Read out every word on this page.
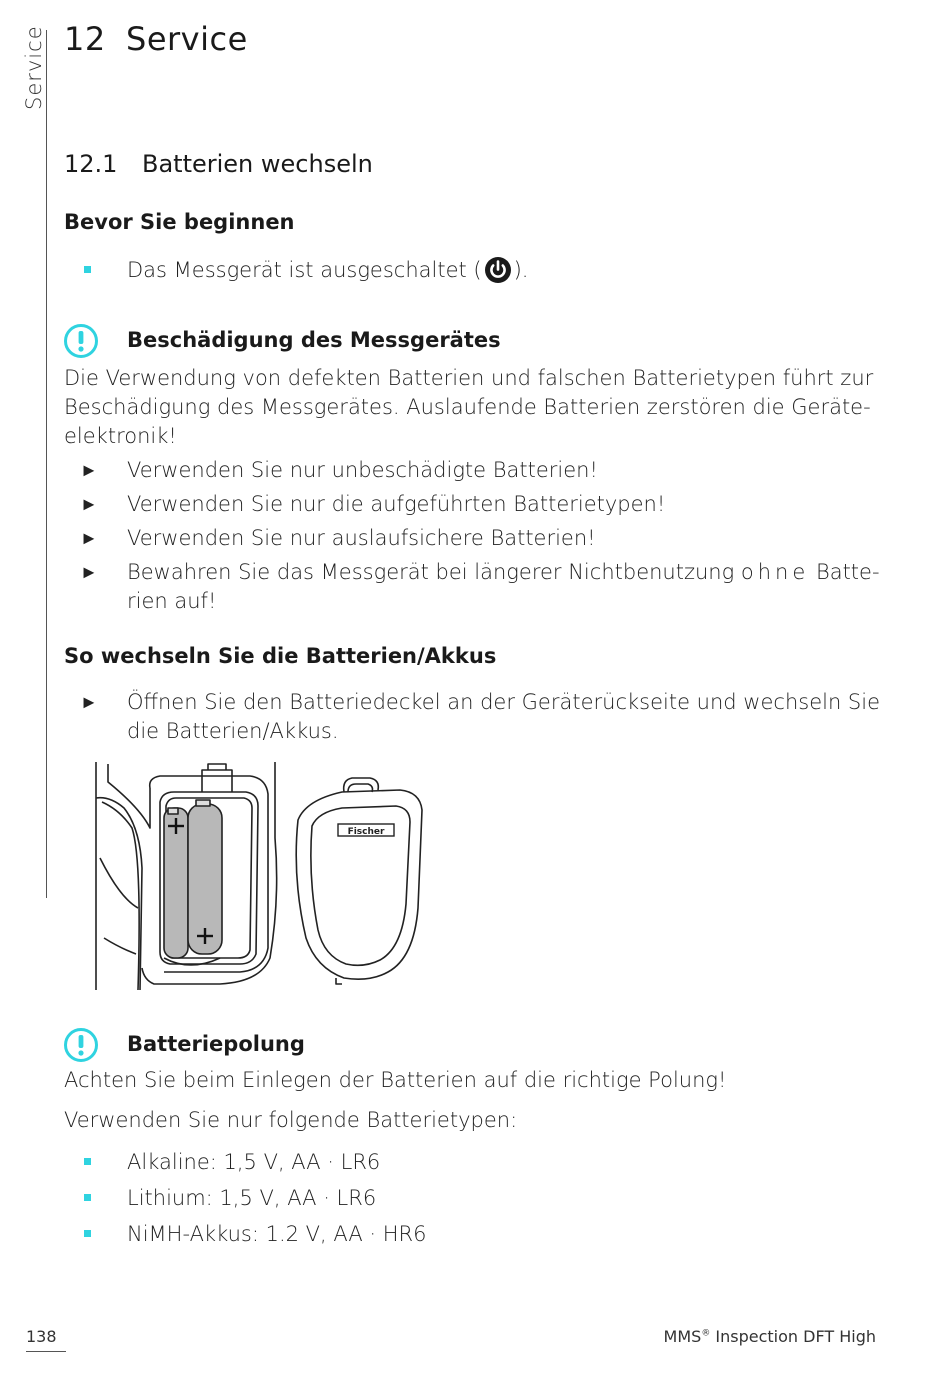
Service 12 Service
12.1 Batterien wechseln
Bevor Sie beginnen
Das Messgerät ist ausgeschaltet ( ).
Beschädigung des Messgerätes
Die Verwendung von defekten Batterien und falschen Batterietypen führt zur
Beschädigung des Messgerätes. Auslaufende Batterien zerstören die Geräte-
elektronik!
► Verwenden Sie nur unbeschädigte Batterien!
► Verwenden Sie nur die aufgeführten Batterietypen!
► Verwenden Sie nur auslaufsichere Batterien!
► Bewahren Sie das Messgerät bei längerer Nichtbenutzung ohne Batte-
rien auf!
So wechseln Sie die Batterien/Akkus
► Öffnen Sie den Batteriedeckel an der Geräterückseite und wechseln Sie
die Batterien/Akkus.
Fischer
Batteriepolung
Achten Sie beim Einlegen der Batterien auf die richtige Polung!
Verwenden Sie nur folgende Batterietypen:
Alkaline: 1,5 V, AA · LR6
Lithium: 1,5 V, AA · LR6
NiMH-Akkus: 1.2 V, AA · HR6
138	MMS® Inspection DFT High
